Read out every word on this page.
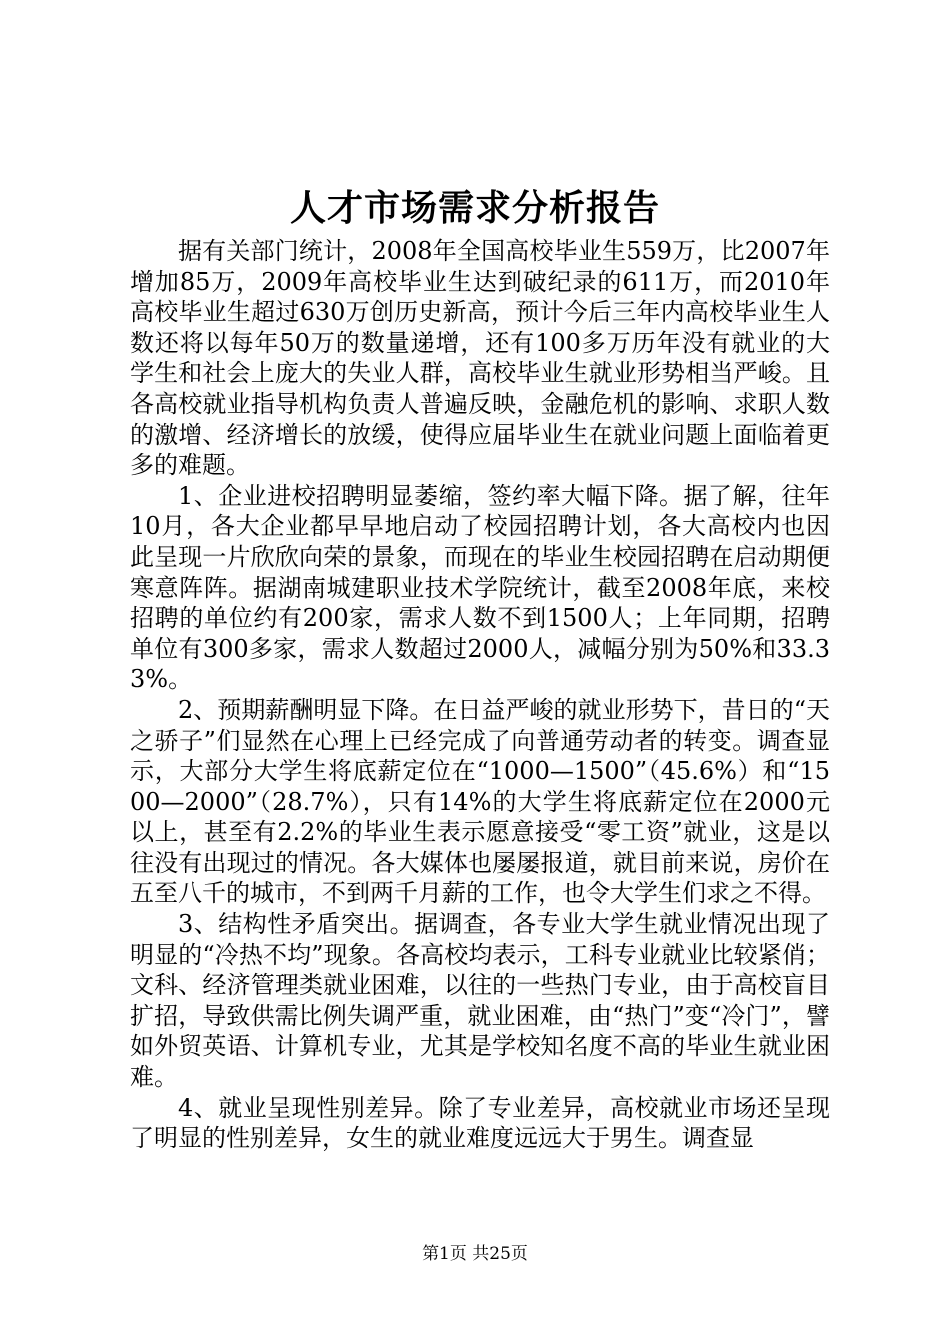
人才市场需求分析报告

据有关部门统计，2008年全国高校毕业生559万，比2007年增加85万，2009年高校毕业生达到破纪录的611万，而2010年高校毕业生超过630万创历史新高，预计今后三年内高校毕业生人数还将以每年50万的数量递增，还有100多万历年没有就业的大学生和社会上庞大的失业人群，高校毕业生就业形势相当严峻。且各高校就业指导机构负责人普遍反映，金融危机的影响、求职人数的激增、经济增长的放缓，使得应届毕业生在就业问题上面临着更多的难题。

1、企业进校招聘明显萎缩，签约率大幅下降。据了解，往年10月，各大企业都早早地启动了校园招聘计划，各大高校内也因此呈现一片欣欣向荣的景象，而现在的毕业生校园招聘在启动期便寒意阵阵。据湖南城建职业技术学院统计，截至2008年底，来校招聘的单位约有200家，需求人数不到1500人；上年同期，招聘单位有300多家，需求人数超过2000人，减幅分别为50%和33.33%。

2、预期薪酬明显下降。在日益严峻的就业形势下，昔日的“天之骄子”们显然在心理上已经完成了向普通劳动者的转变。调查显示，大部分大学生将底薪定位在“1000—1500”（45.6%）和“1500—2000”（28.7%），只有14%的大学生将底薪定位在2000元以上，甚至有2.2%的毕业生表示愿意接受“零工资”就业，这是以往没有出现过的情况。各大媒体也屡屡报道，就目前来说，房价在五至八千的城市，不到两千月薪的工作，也令大学生们求之不得。

3、结构性矛盾突出。据调查，各专业大学生就业情况出现了明显的“冷热不均”现象。各高校均表示，工科专业就业比较紧俏；文科、经济管理类就业困难，以往的一些热门专业，由于高校盲目扩招，导致供需比例失调严重，就业困难，由“热门”变“冷门”，譬如外贸英语、计算机专业，尤其是学校知名度不高的毕业生就业困难。

4、就业呈现性别差异。除了专业差异，高校就业市场还呈现了明显的性别差异，女生的就业难度远远大于男生。调查显

第1页 共25页
